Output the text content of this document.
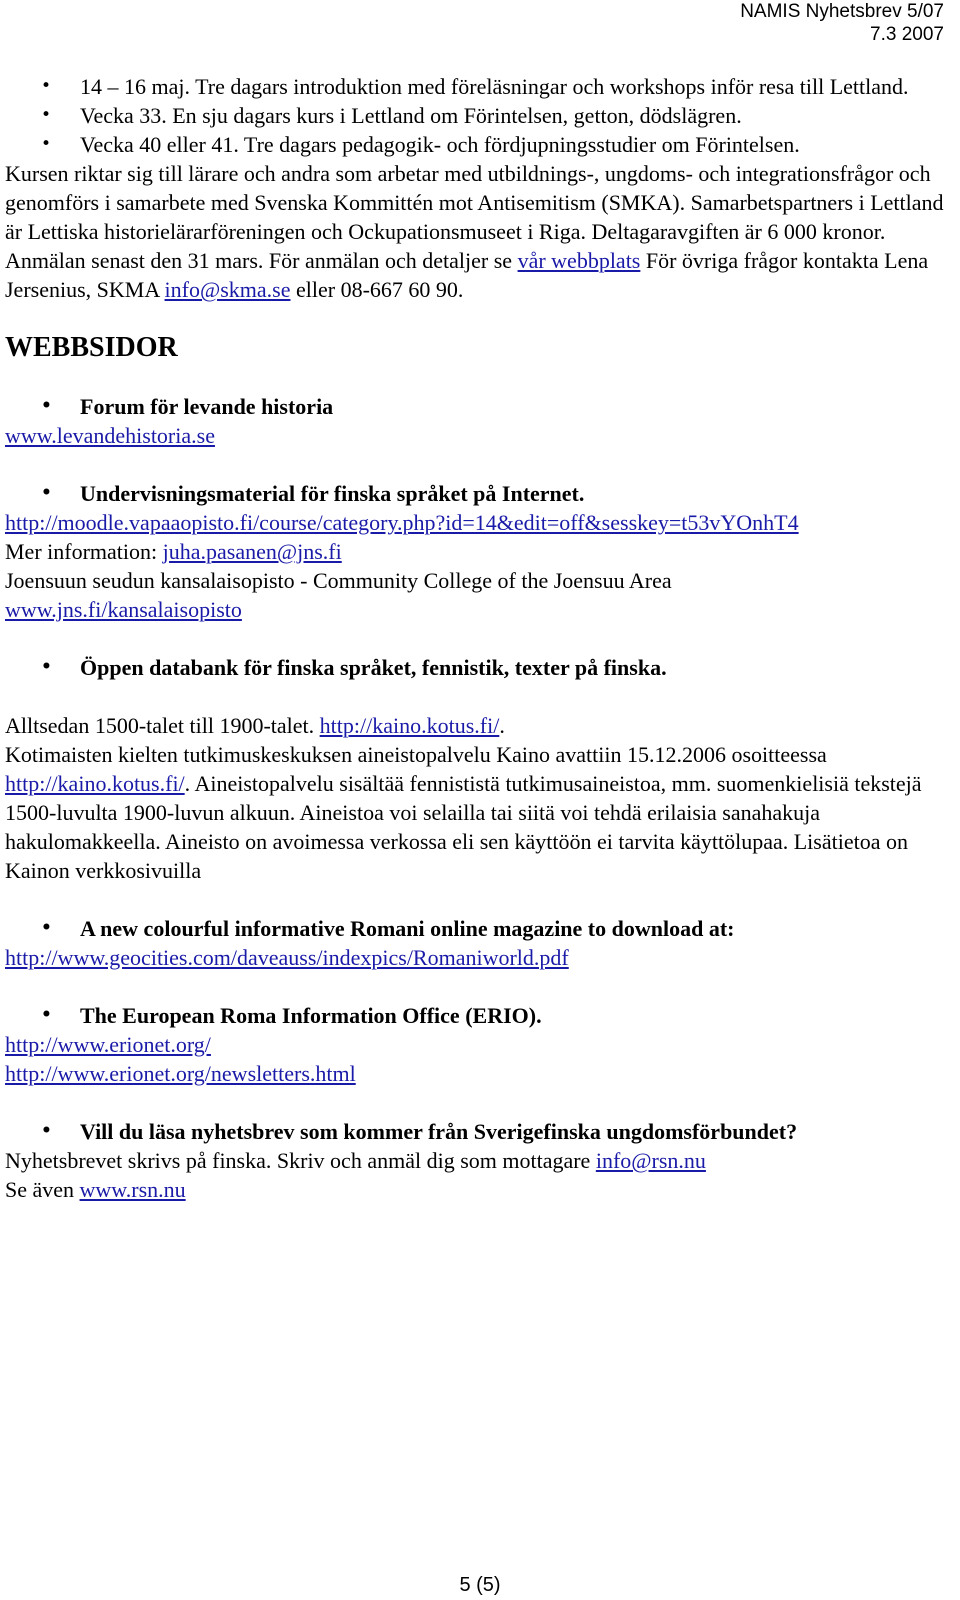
NAMIS Nyhetsbrev 5/07
7.3 2007
• 14 – 16 maj. Tre dagars introduktion med föreläsningar och workshops inför resa till Lettland.
• Vecka 33. En sju dagars kurs i Lettland om Förintelsen, getton, dödslägren.
• Vecka 40 eller 41. Tre dagars pedagogik- och fördjupningsstudier om Förintelsen.

Kursen riktar sig till lärare och andra som arbetar med utbildnings-, ungdoms- och integrationsfrågor och genomförs i samarbete med Svenska Kommittén mot Antisemitism (SMKA). Samarbetspartners i Lettland är Lettiska historielärarföreningen och Ockupationsmuseet i Riga. Deltagaravgiften är 6 000 kronor. Anmälan senast den 31 mars. För anmälan och detaljer se vår webbplats För övriga frågor kontakta Lena Jersenius, SKMA info@skma.se eller 08-667 60 90.

WEBBSIDOR
• Forum för levande historia

www.levandehistoria.se

• Undervisningsmaterial för finska språket på Internet.

http://moodle.vapaaopisto.fi/course/category.php?id=14&edit=off&sesskey=t53vYOnhT4

Mer information: juha.pasanen@jns.fi

Joensuun seudun kansalaisopisto - Community College of the Joensuu Area

www.jns.fi/kansalaisopisto

• Öppen databank för finska språket, fennistik, texter på finska.

Alltsedan 1500-talet till 1900-talet. http://kaino.kotus.fi/.

Kotimaisten kielten tutkimuskeskuksen aineistopalvelu Kaino avattiin 15.12.2006 osoitteessa http://kaino.kotus.fi/. Aineistopalvelu sisältää fennististä tutkimusaineistoa, mm. suomenkielisiä tekstejä 1500-luvulta 1900-luvun alkuun. Aineistoa voi selailla tai siitä voi tehdä erilaisia sanahakuja hakulomakkeella. Aineisto on avoimessa verkossa eli sen käyttöön ei tarvita käyttölupaa. Lisätietoa on Kainon verkkosivuilla

• A new colourful informative Romani online magazine to download at:

http://www.geocities.com/daveauss/indexpics/Romaniworld.pdf

• The European Roma Information Office (ERIO).

http://www.erionet.org/

http://www.erionet.org/newsletters.html

• Vill du läsa nyhetsbrev som kommer från Sverigefinska ungdomsförbundet?

Nyhetsbrevet skrivs på finska. Skriv och anmäl dig som mottagare info@rsn.nu

Se även www.rsn.nu

5 (5)
